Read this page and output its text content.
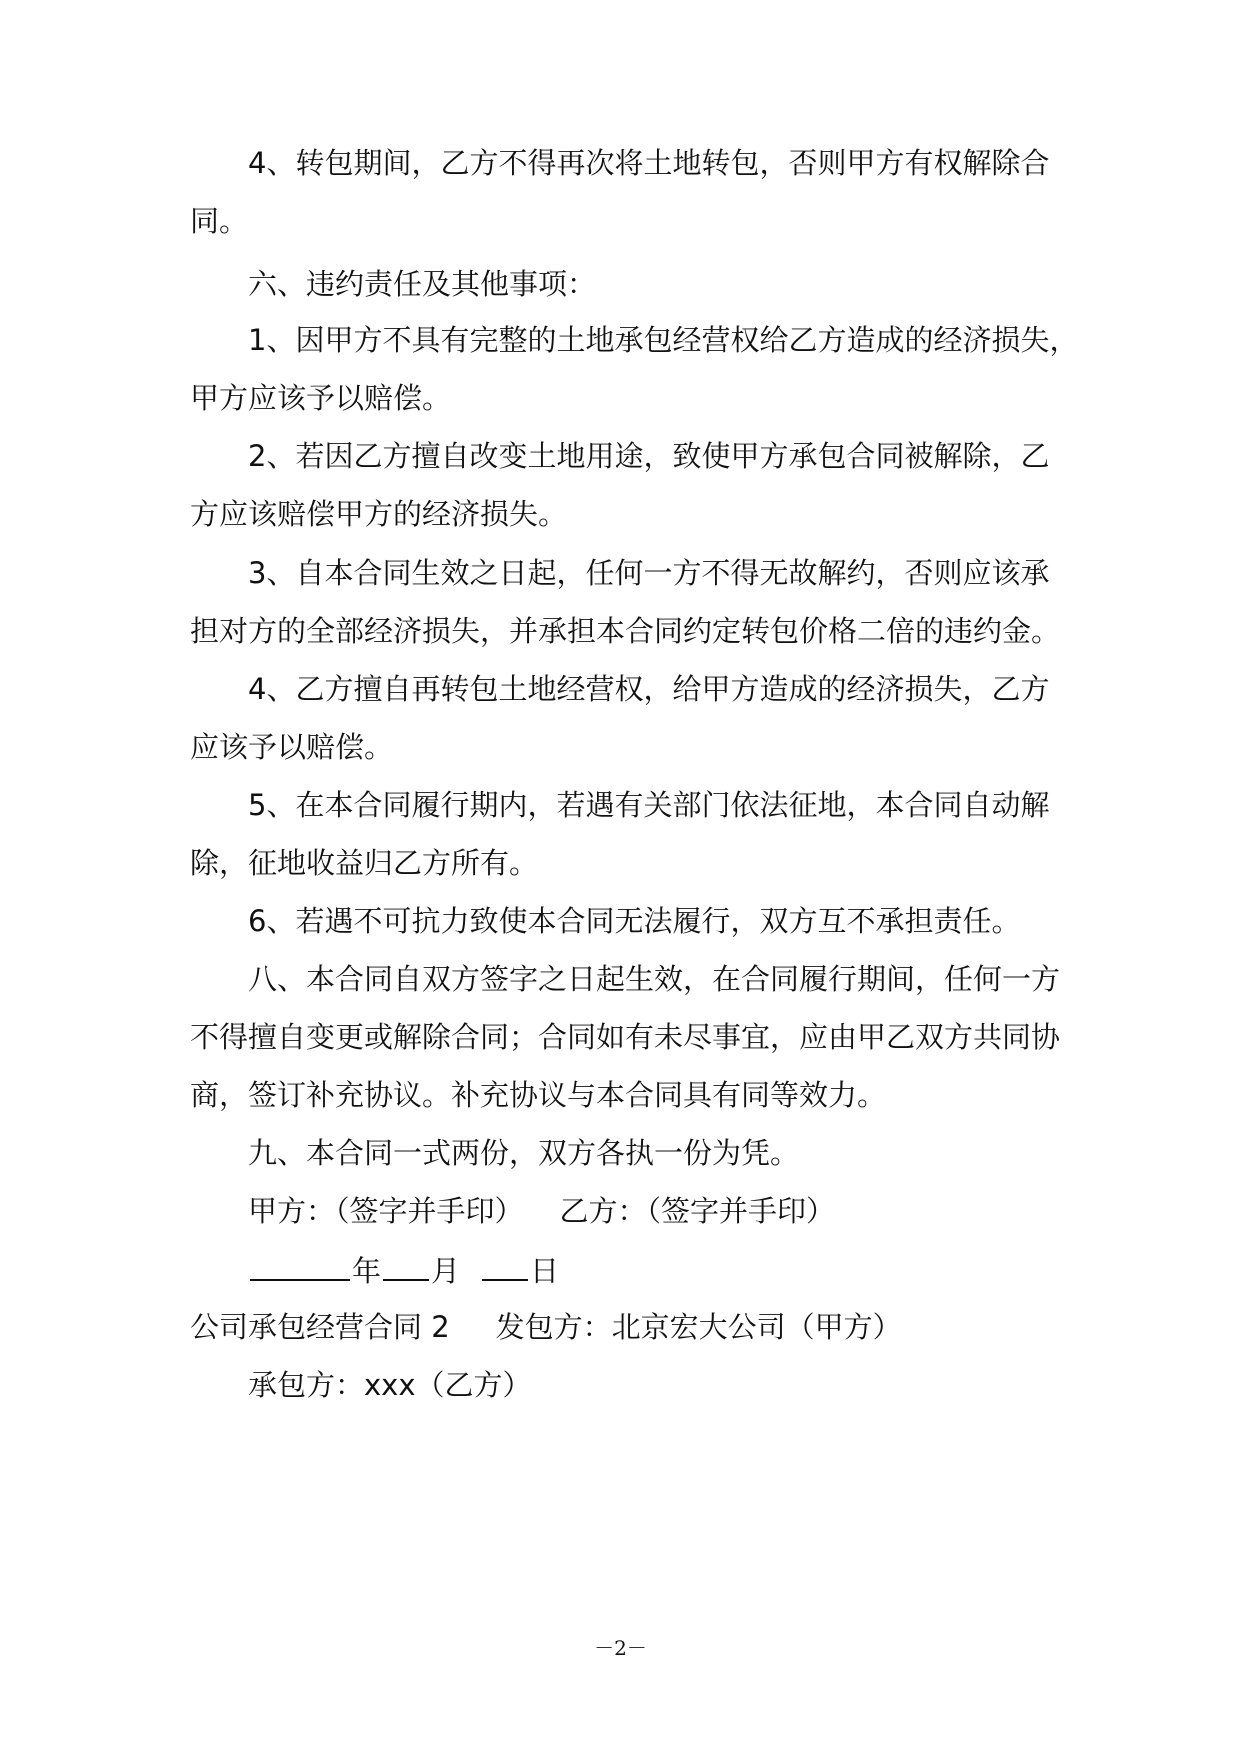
4、转包期间，乙方不得再次将土地转包，否则甲方有权解除合
同。
六、违约责任及其他事项：
1、因甲方不具有完整的土地承包经营权给乙方造成的经济损失，
甲方应该予以赔偿。
2、若因乙方擅自改变土地用途，致使甲方承包合同被解除，乙
方应该赔偿甲方的经济损失。
3、自本合同生效之日起，任何一方不得无故解约，否则应该承
担对方的全部经济损失，并承担本合同约定转包价格二倍的违约金。
4、乙方擅自再转包土地经营权，给甲方造成的经济损失，乙方
应该予以赔偿。
5、在本合同履行期内，若遇有关部门依法征地，本合同自动解
除，征地收益归乙方所有。
6、若遇不可抗力致使本合同无法履行，双方互不承担责任。
八、本合同自双方签字之日起生效，在合同履行期间，任何一方
不得擅自变更或解除合同；合同如有未尽事宜，应由甲乙双方共同协
商，签订补充协议。补充协议与本合同具有同等效力。
九、本合同一式两份，双方各执一份为凭。
甲方：（签字并手印） 乙方：（签字并手印）
年 月 日
公司承包经营合同 2 发包方：北京宏大公司（甲方）
承包方：xxx（乙方）
－2－
